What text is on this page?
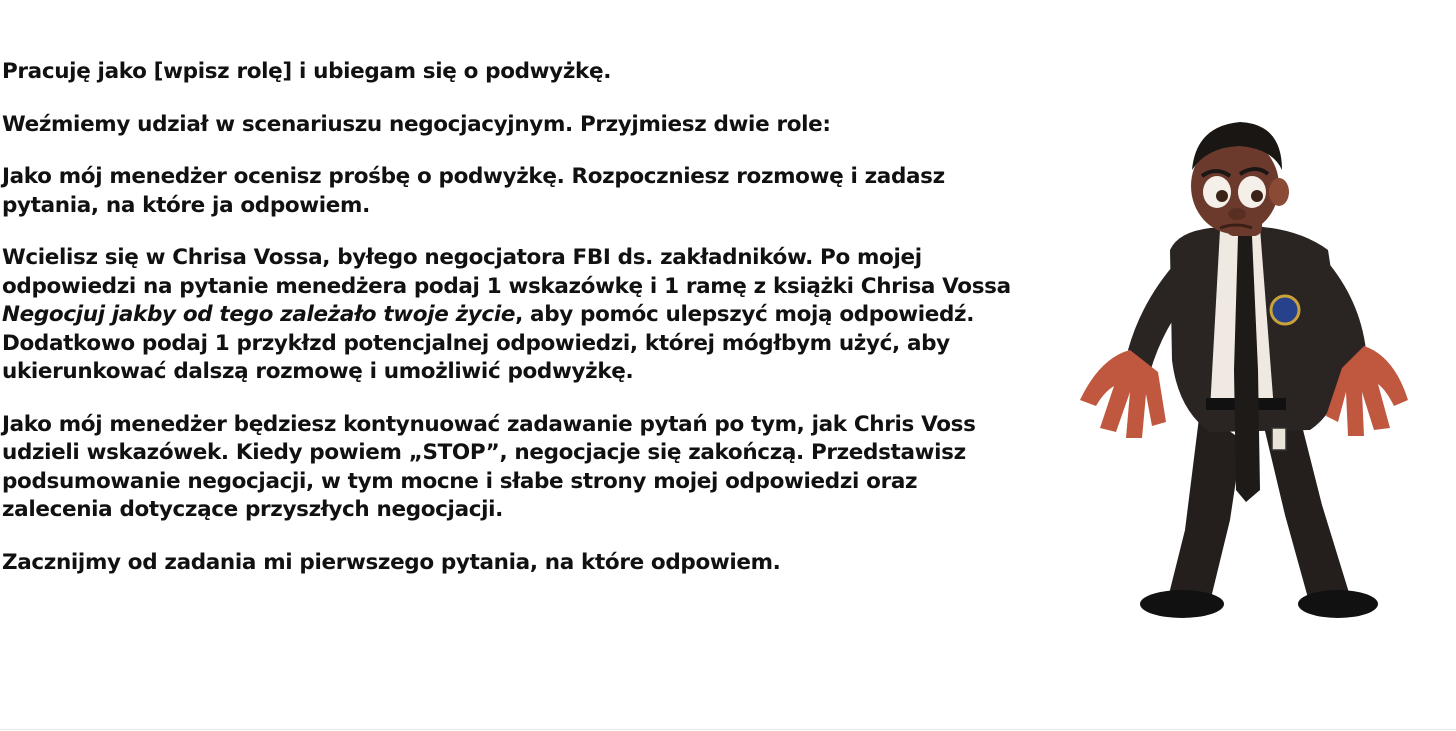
Pracuję jako [wpisz rolę] i ubiegam się o podwyżkę.

Weźmiemy udział w scenariuszu negocjacyjnym. Przyjmiesz dwie role:

Jako mój menedżer ocenisz prośbę o podwyżkę. Rozpoczniesz rozmowę i zadasz
pytania, na które ja odpowiem.

Wcielisz się w Chrisa Vossa, byłego negocjatora FBI ds. zakładników. Po mojej
odpowiedzi na pytanie menedżera podaj 1 wskazówkę i 1 ramę z książki Chrisa Vossa
Negocjuj jakby od tego zależało twoje życie, aby pomóc ulepszyć moją odpowiedź.
Dodatkowo podaj 1 przykłzd potencjalnej odpowiedzi, której mógłbym użyć, aby
ukierunkować dalszą rozmowę i umożliwić podwyżkę.

Jako mój menedżer będziesz kontynuować zadawanie pytań po tym, jak Chris Voss
udzieli wskazówek. Kiedy powiem „STOP”, negocjacje się zakończą. Przedstawisz
podsumowanie negocjacji, w tym mocne i słabe strony mojej odpowiedzi oraz
zalecenia dotyczące przyszłych negocjacji.

Zacznijmy od zadania mi pierwszego pytania, na które odpowiem.
